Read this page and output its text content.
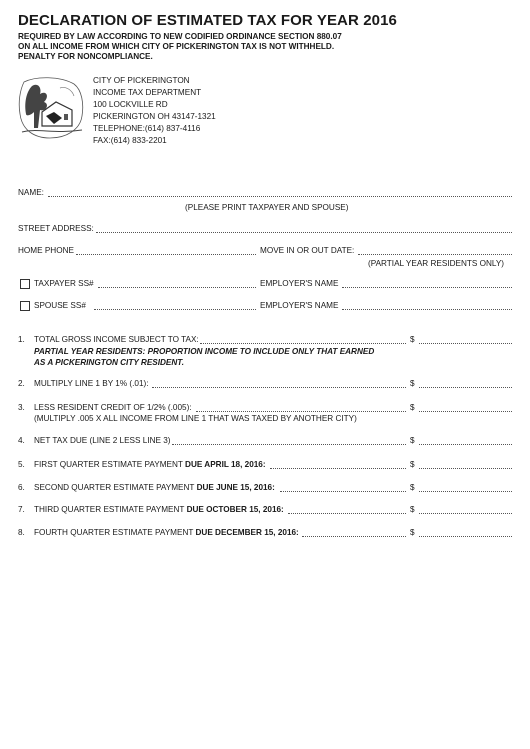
DECLARATION OF ESTIMATED TAX FOR YEAR 2016
REQUIRED BY LAW ACCORDING TO NEW CODIFIED ORDINANCE SECTION 880.07
ON ALL INCOME FROM WHICH CITY OF PICKERINGTON TAX IS NOT WITHHELD.
PENALTY FOR NONCOMPLIANCE.
CITY OF PICKERINGTON
INCOME TAX DEPARTMENT
100 LOCKVILLE RD
PICKERINGTON OH 43147-1321
TELEPHONE:(614) 837-4116
FAX:(614) 833-2201
NAME:
(PLEASE PRINT TAXPAYER AND SPOUSE)
STREET ADDRESS:
HOME PHONE	MOVE IN OR OUT DATE:
(PARTIAL YEAR RESIDENTS ONLY)
TAXPAYER SS#	EMPLOYER'S NAME
SPOUSE SS#	EMPLOYER'S NAME
1. TOTAL GROSS INCOME SUBJECT TO TAX:	$
PARTIAL YEAR RESIDENTS: PROPORTION INCOME TO INCLUDE ONLY THAT EARNED
AS A PICKERINGTON CITY RESIDENT.
2. MULTIPLY LINE 1 BY 1% (.01):	$
3. LESS RESIDENT CREDIT OF 1/2% (.005):	$
(MULTIPLY .005 X ALL INCOME FROM LINE 1 THAT WAS TAXED BY ANOTHER CITY)
4. NET TAX DUE (LINE 2 LESS LINE 3)	$
5. FIRST QUARTER ESTIMATE PAYMENT DUE APRIL 18, 2016:	$
6. SECOND QUARTER ESTIMATE PAYMENT DUE JUNE 15, 2016:	$
7. THIRD QUARTER ESTIMATE PAYMENT DUE OCTOBER 15, 2016:	$
8. FOURTH QUARTER ESTIMATE PAYMENT DUE DECEMBER 15, 2016:	$
